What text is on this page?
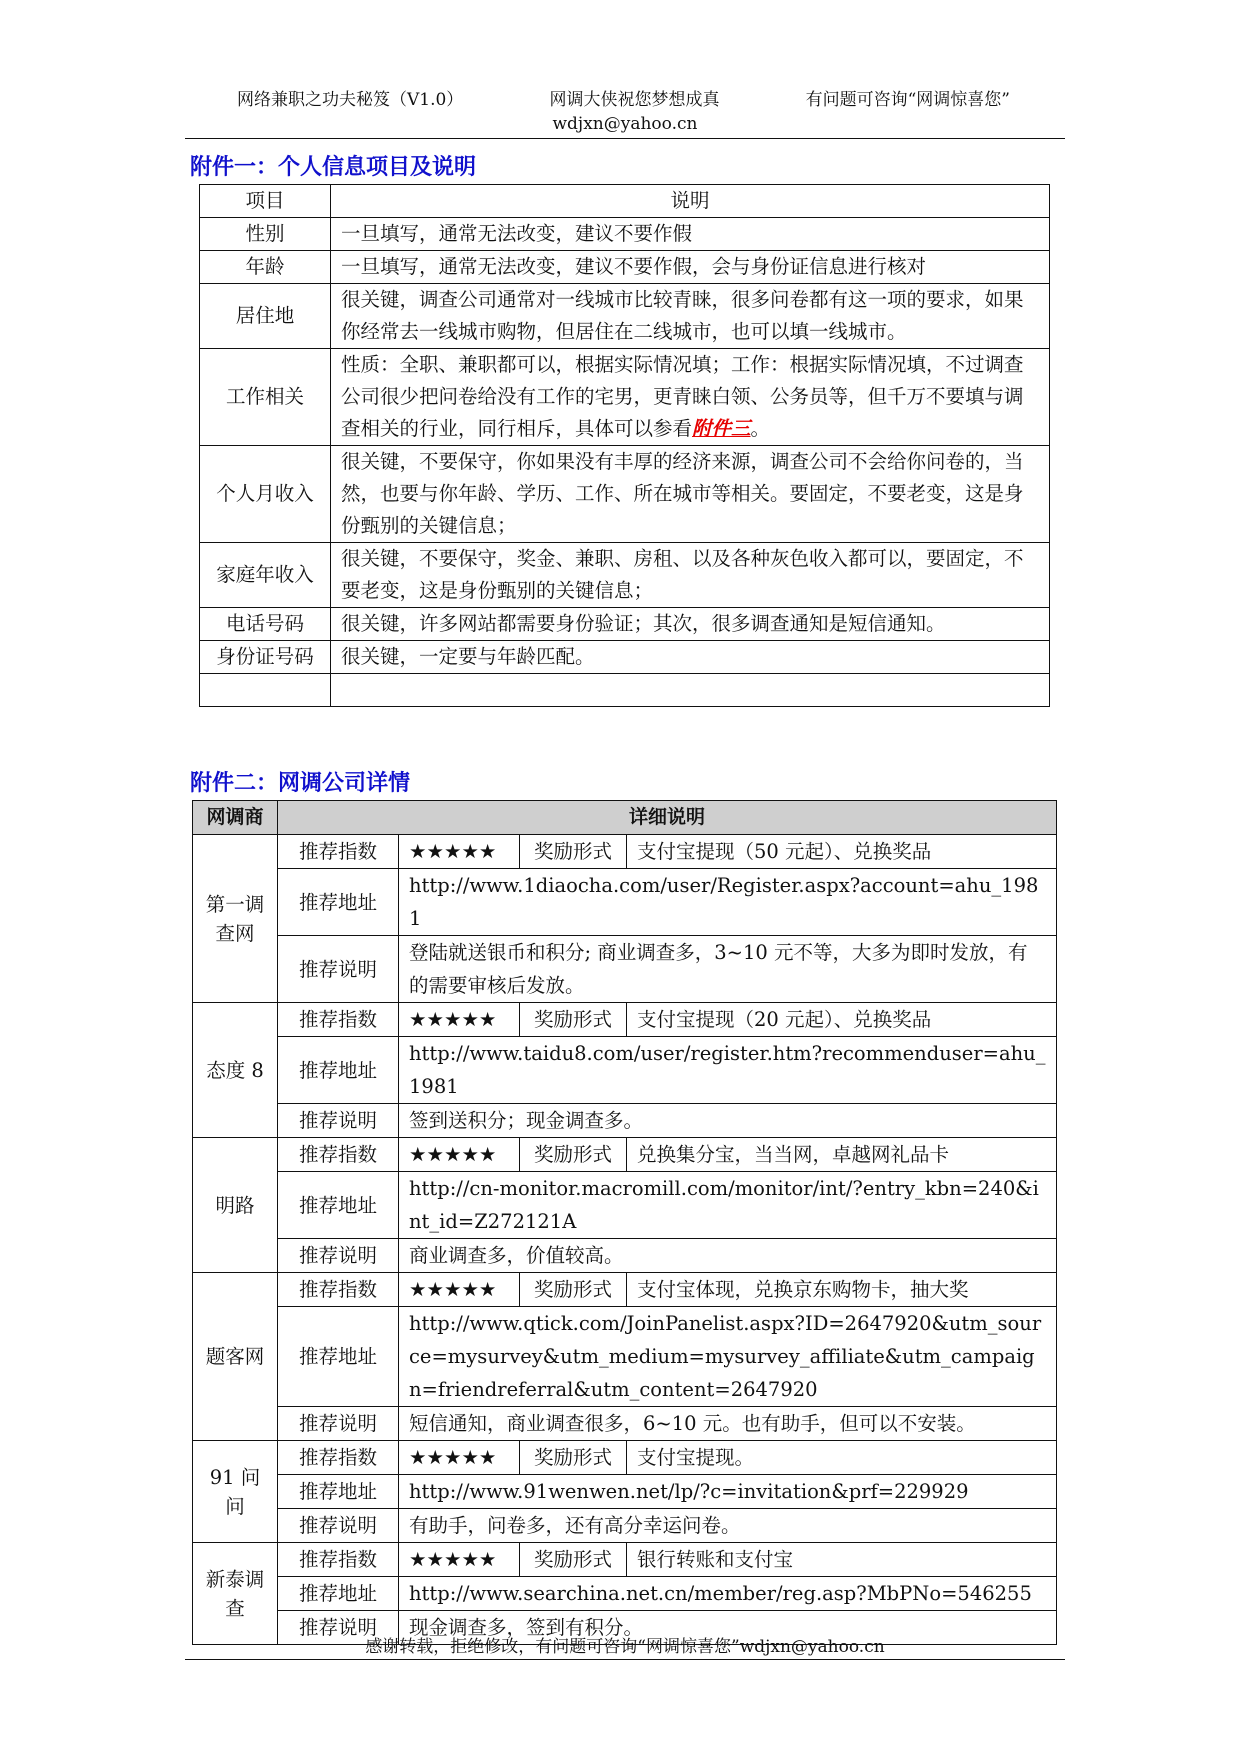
网络兼职之功夫秘笈（V1.0）	网调大侠祝您梦想成真	有问题可咨询“网调惊喜您”
wdjxn@yahoo.cn
附件一：个人信息项目及说明
项目	说明
性别	一旦填写，通常无法改变，建议不要作假
年龄	一旦填写，通常无法改变，建议不要作假，会与身份证信息进行核对
居住地	很关键，调查公司通常对一线城市比较青睐，很多问卷都有这一项的要求，如果你经常去一线城市购物，但居住在二线城市，也可以填一线城市。
工作相关	性质：全职、兼职都可以，根据实际情况填；工作：根据实际情况填，不过调查公司很少把问卷给没有工作的宅男，更青睐白领、公务员等，但千万不要填与调查相关的行业，同行相斥，具体可以参看附件三。
个人月收入	很关键，不要保守，你如果没有丰厚的经济来源，调查公司不会给你问卷的，当然，也要与你年龄、学历、工作、所在城市等相关。要固定，不要老变，这是身份甄别的关键信息；
家庭年收入	很关键，不要保守，奖金、兼职、房租、以及各种灰色收入都可以，要固定，不要老变，这是身份甄别的关键信息；
电话号码	很关键，许多网站都需要身份验证；其次，很多调查通知是短信通知。
身份证号码	很关键，一定要与年龄匹配。

附件二：网调公司详情
网调商	详细说明			
第一调查网	推荐指数	★★★★★	奖励形式	支付宝提现（50 元起）、兑换奖品
	推荐地址	http://www.1diaocha.com/user/Register.aspx?account=ahu_1981		
	推荐说明	登陆就送银币和积分; 商业调查多，3~10 元不等，大多为即时发放，有的需要审核后发放。		
态度 8	推荐指数	★★★★★	奖励形式	支付宝提现（20 元起）、兑换奖品
	推荐地址	http://www.taidu8.com/user/register.htm?recommenduser=ahu_1981		
	推荐说明	签到送积分；现金调查多。		
明路	推荐指数	★★★★★	奖励形式	兑换集分宝，当当网，卓越网礼品卡
	推荐地址	http://cn-monitor.macromill.com/monitor/int/?entry_kbn=240&int_id=Z272121A		
	推荐说明	商业调查多，价值较高。		
题客网	推荐指数	★★★★★	奖励形式	支付宝体现，兑换京东购物卡，抽大奖
	推荐地址	http://www.qtick.com/JoinPanelist.aspx?ID=2647920&utm_source=mysurvey&utm_medium=mysurvey_affiliate&utm_campaign=friendreferral&utm_content=2647920		
	推荐说明	短信通知，商业调查很多，6~10 元。也有助手，但可以不安装。		
91 问问	推荐指数	★★★★★	奖励形式	支付宝提现。
	推荐地址	http://www.91wenwen.net/lp/?c=invitation&prf=229929		
	推荐说明	有助手，问卷多，还有高分幸运问卷。		
新泰调查	推荐指数	★★★★★	奖励形式	银行转账和支付宝
	推荐地址	http://www.searchina.net.cn/member/reg.asp?MbPNo=546255		
	推荐说明	现金调查多，签到有积分。		
感谢转载，拒绝修改，有问题可咨询“网调惊喜您”wdjxn@yahoo.cn
